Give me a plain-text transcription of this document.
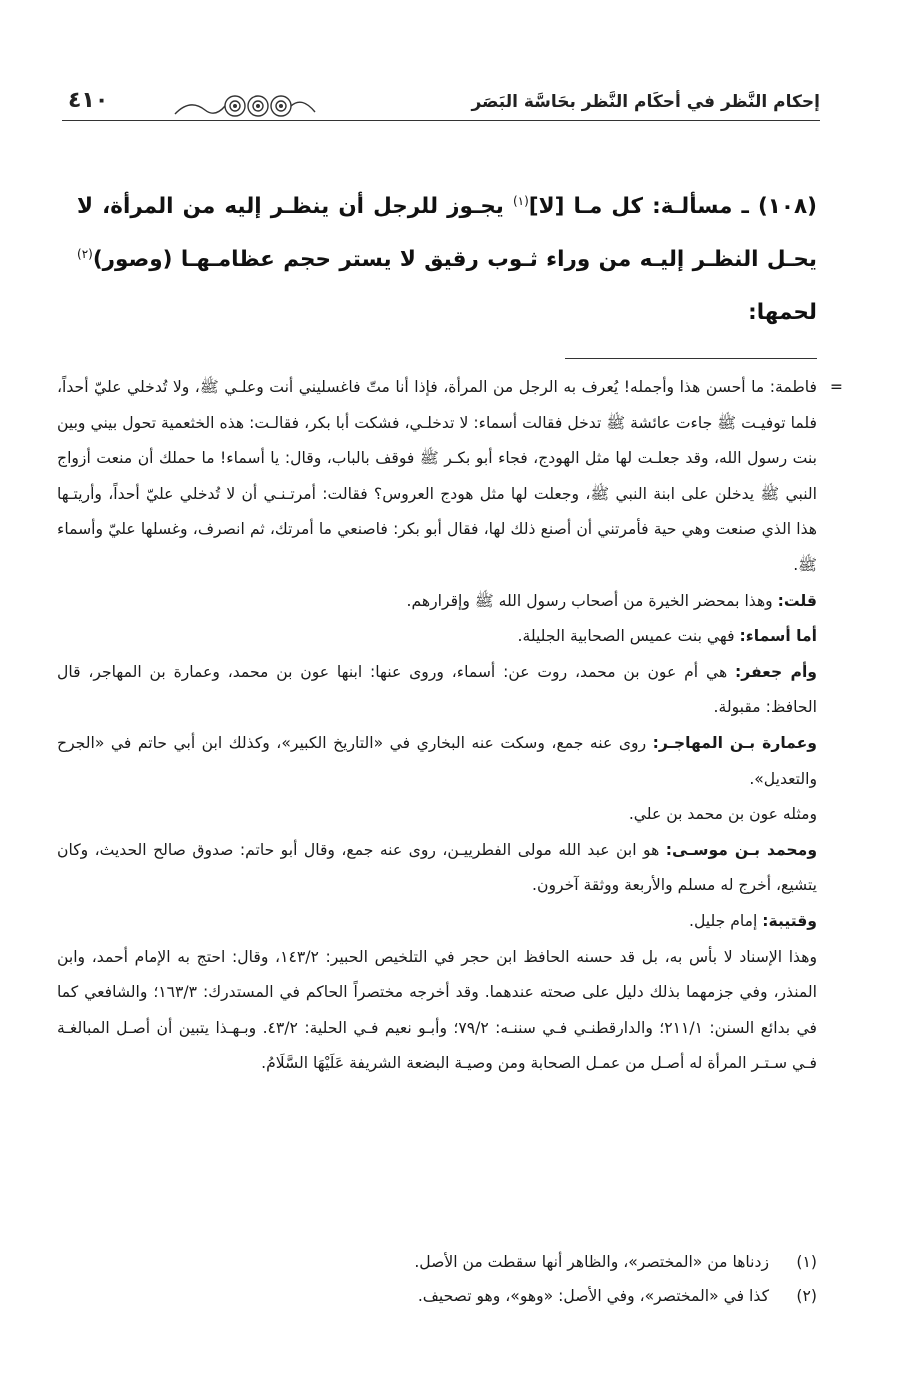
إحكام النَّظر في أحكَام النَّظر بحَاسَّة البَصَر
٤١٠
(١٠٨) ـ مسألـة: كل مـا [لا]$^{(١)}$ يجـوز للرجل أن ينظـر إليه من المرأة، لا يحـل النظـر إليـه من وراء ثـوب رقيق لا يستر حجم عظامـهـا (وصور)$^{(٢)}$ لحمها:

=
فاطمة: ما أحسن هذا وأجمله! يُعرف به الرجل من المرأة، فإذا أنا متّ فاغسليني أنت وعلـي ﷺ، ولا تُدخلي عليّ أحداً، فلما توفيـت ﷺ جاءت عائشة ﷺ تدخل فقالت أسماء: لا تدخلـي، فشكت أبا بكر، فقالـت: هذه الخثعمية تحول بيني وبين بنت رسول الله، وقد جعلـت لها مثل الهودج، فجاء أبو بكـر ﷺ فوقف بالباب، وقال: يا أسماء! ما حملك أن منعت أزواج النبي ﷺ يدخلن على ابنة النبي ﷺ، وجعلت لها مثل هودج العروس؟ فقالت: أمرتـنـي أن لا تُدخلي عليّ أحداً، وأريتـها هذا الذي صنعت وهي حية فأمرتني أن أصنع ذلك لها، فقال أبو بكر: فاصنعي ما أمرتك، ثم انصرف، وغسلها عليّ وأسماء ﷺ.

قلت: وهذا بمحضر الخيرة من أصحاب رسول الله ﷺ وإقرارهم.

أما أسماء: فهي بنت عميس الصحابية الجليلة.

وأم جعفر: هي أم عون بن محمد، روت عن: أسماء، وروى عنها: ابنها عون بن محمد، وعمارة بن المهاجر، قال الحافظ: مقبولة.

وعمارة بـن المهاجـر: روى عنه جمع، وسكت عنه البخاري في «التاريخ الكبير»، وكذلك ابن أبي حاتم في «الجرح والتعديل».

ومثله عون بن محمد بن علي.

ومحمد بـن موسـى: هو ابن عبد الله مولى الفطرييـن، روى عنه جمع، وقال أبو حاتم: صدوق صالح الحديث، وكان يتشيع، أخرج له مسلم والأربعة ووثقة آخرون.

وقتيبة: إمام جليل.

وهذا الإسناد لا بأس به، بل قد حسنه الحافظ ابن حجر في التلخيص الحبير: ١٤٣/٢، وقال: احتج به الإمام أحمد، وابن المنذر، وفي جزمهما بذلك دليل على صحته عندهما. وقد أخرجه مختصراً الحاكم في المستدرك: ١٦٣/٣؛ والشافعي كما في بدائع السنن: ٢١١/١؛ والدارقطنـي فـي سننـه: ٧٩/٢؛ وأبـو نعيم فـي الحلية: ٤٣/٢. وبـهـذا يتبين أن أصـل المبالغـة فـي سـتـر المرأة له أصـل من عمـل الصحابة ومن وصيـة البضعة الشريفة عَلَيْهَا السَّلَامُ.

(١)
زدناها من «المختصر»، والظاهر أنها سقطت من الأصل.
(٢)
كذا في «المختصر»، وفي الأصل: «وهو»، وهو تصحيف.
